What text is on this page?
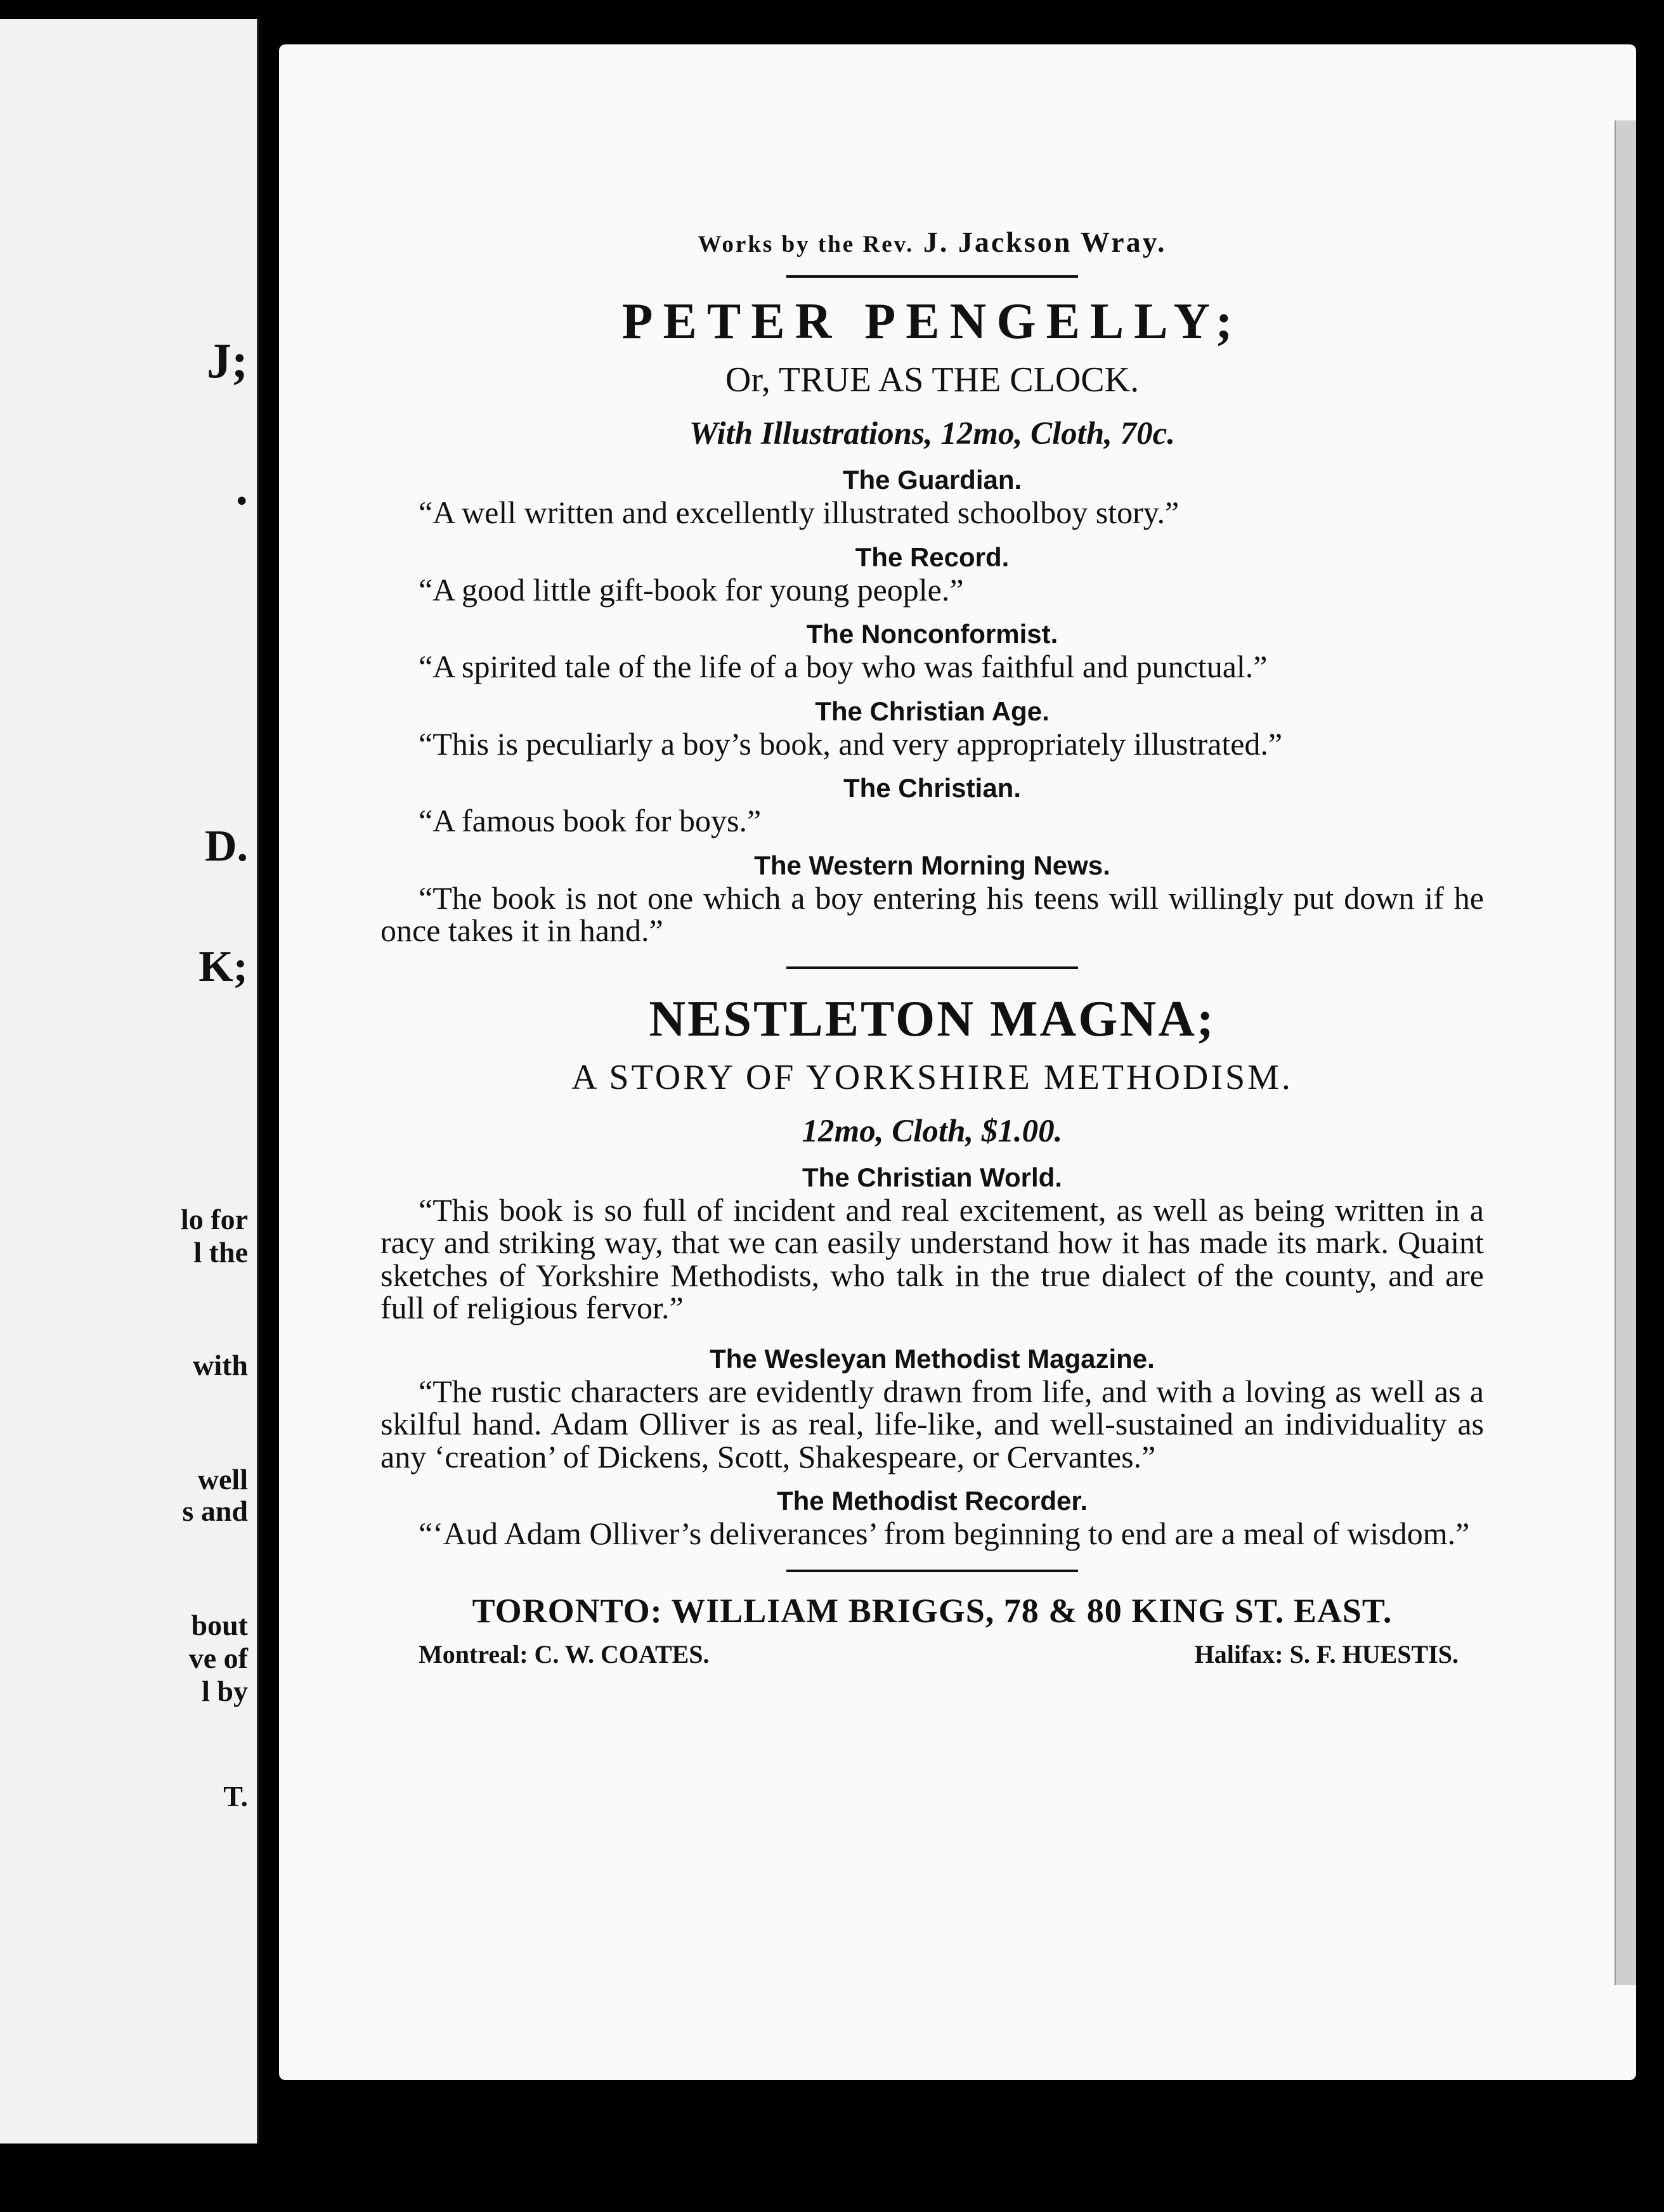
J;
.
D.
K;
lo for
l the
with
well
s and
bout
ve of
l by
T.
Works by the Rev. J. Jackson Wray.
PETER PENGELLY;
Or, TRUE AS THE CLOCK.
With Illustrations, 12mo, Cloth, 70c.
The Guardian.
“A well written and excellently illustrated schoolboy story.”
The Record.
“A good little gift-book for young people.”
The Nonconformist.
“A spirited tale of the life of a boy who was faithful and punctual.”
The Christian Age.
“This is peculiarly a boy’s book, and very appropriately illustrated.”
The Christian.
“A famous book for boys.”
The Western Morning News.
“The book is not one which a boy entering his teens will willingly put down if he once takes it in hand.”
NESTLETON MAGNA;
A STORY OF YORKSHIRE METHODISM.
12mo, Cloth, $1.00.
The Christian World.
“This book is so full of incident and real excitement, as well as being written in a racy and striking way, that we can easily understand how it has made its mark. Quaint sketches of Yorkshire Methodists, who talk in the true dialect of the county, and are full of religious fervor.”
The Wesleyan Methodist Magazine.
“The rustic characters are evidently drawn from life, and with a loving as well as a skilful hand. Adam Olliver is as real, life-like, and well-sustained an individuality as any ‘creation’ of Dickens, Scott, Shakespeare, or Cervantes.”
The Methodist Recorder.
“‘Aud Adam Olliver’s deliverances’ from beginning to end are a meal of wisdom.”
TORONTO: WILLIAM BRIGGS, 78 & 80 KING ST. EAST.
Montreal: C. W. COATES.	Halifax: S. F. HUESTIS.
